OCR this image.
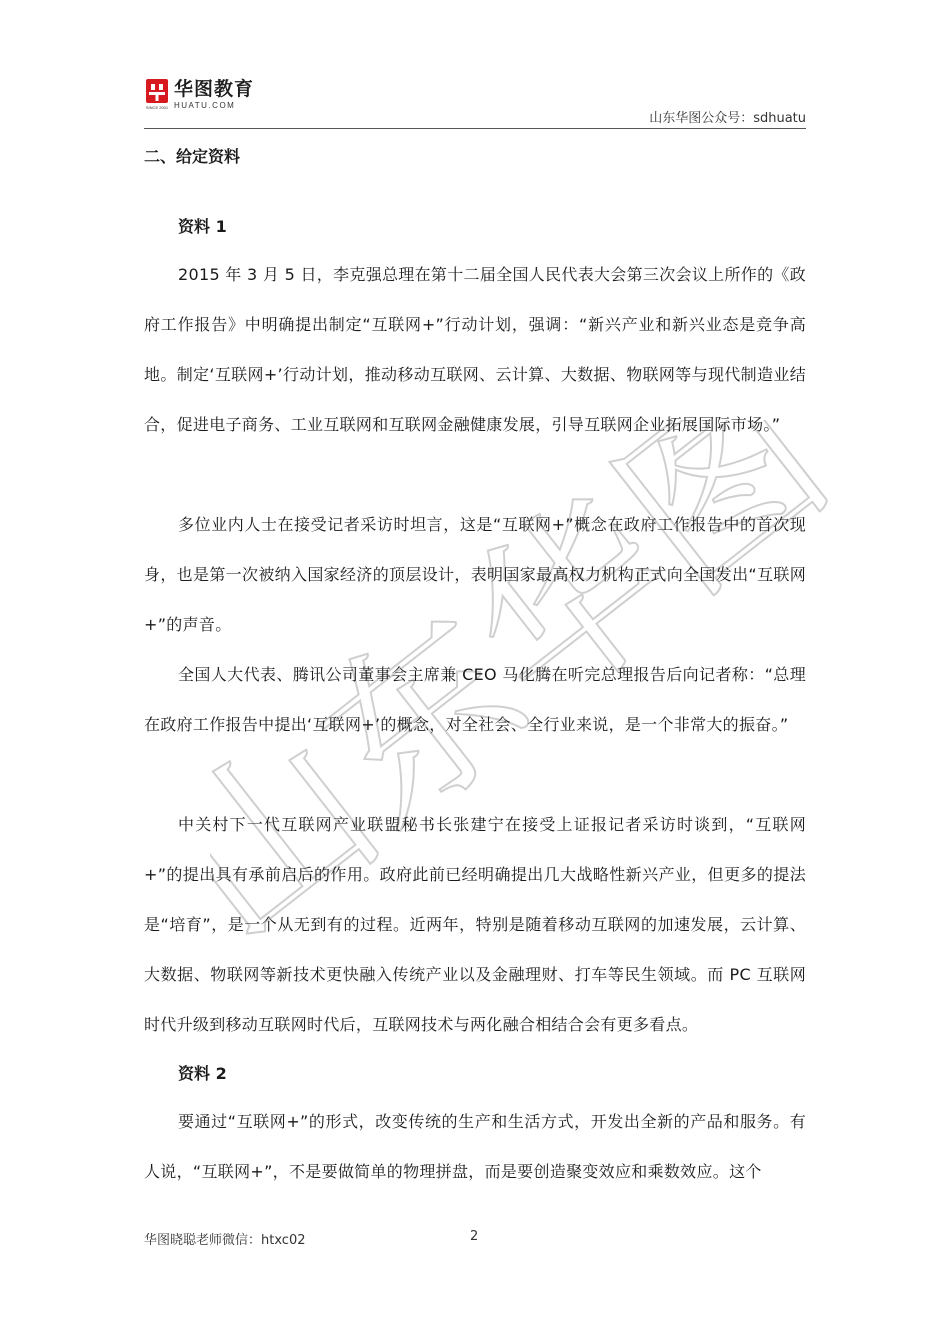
SINCE 2001
华图教育
HUATU.COM
山东华图公众号：sdhuatu
山东华图
二、给定资料
资料 1

2015 年 3 月 5 日，李克强总理在第十二届全国人民代表大会第三次会议上所作的《政府工作报告》中明确提出制定“互联网+”行动计划，强调：“新兴产业和新兴业态是竞争高地。制定‘互联网+’行动计划，推动移动互联网、云计算、大数据、物联网等与现代制造业结合，促进电子商务、工业互联网和互联网金融健康发展，引导互联网企业拓展国际市场。”

多位业内人士在接受记者采访时坦言，这是“互联网+”概念在政府工作报告中的首次现身，也是第一次被纳入国家经济的顶层设计，表明国家最高权力机构正式向全国发出“互联网+”的声音。

全国人大代表、腾讯公司董事会主席兼 CEO 马化腾在听完总理报告后向记者称：“总理在政府工作报告中提出‘互联网+’的概念，对全社会、全行业来说，是一个非常大的振奋。”

中关村下一代互联网产业联盟秘书长张建宁在接受上证报记者采访时谈到，“互联网+”的提出具有承前启后的作用。政府此前已经明确提出几大战略性新兴产业，但更多的提法是“培育”，是一个从无到有的过程。近两年，特别是随着移动互联网的加速发展，云计算、大数据、物联网等新技术更快融入传统产业以及金融理财、打车等民生领域。而 PC 互联网时代升级到移动互联网时代后，互联网技术与两化融合相结合会有更多看点。

资料 2

要通过“互联网+”的形式，改变传统的生产和生活方式，开发出全新的产品和服务。有人说，“互联网+”，不是要做简单的物理拼盘，而是要创造聚变效应和乘数效应。这个

华图晓聪老师微信：htxc02	2
